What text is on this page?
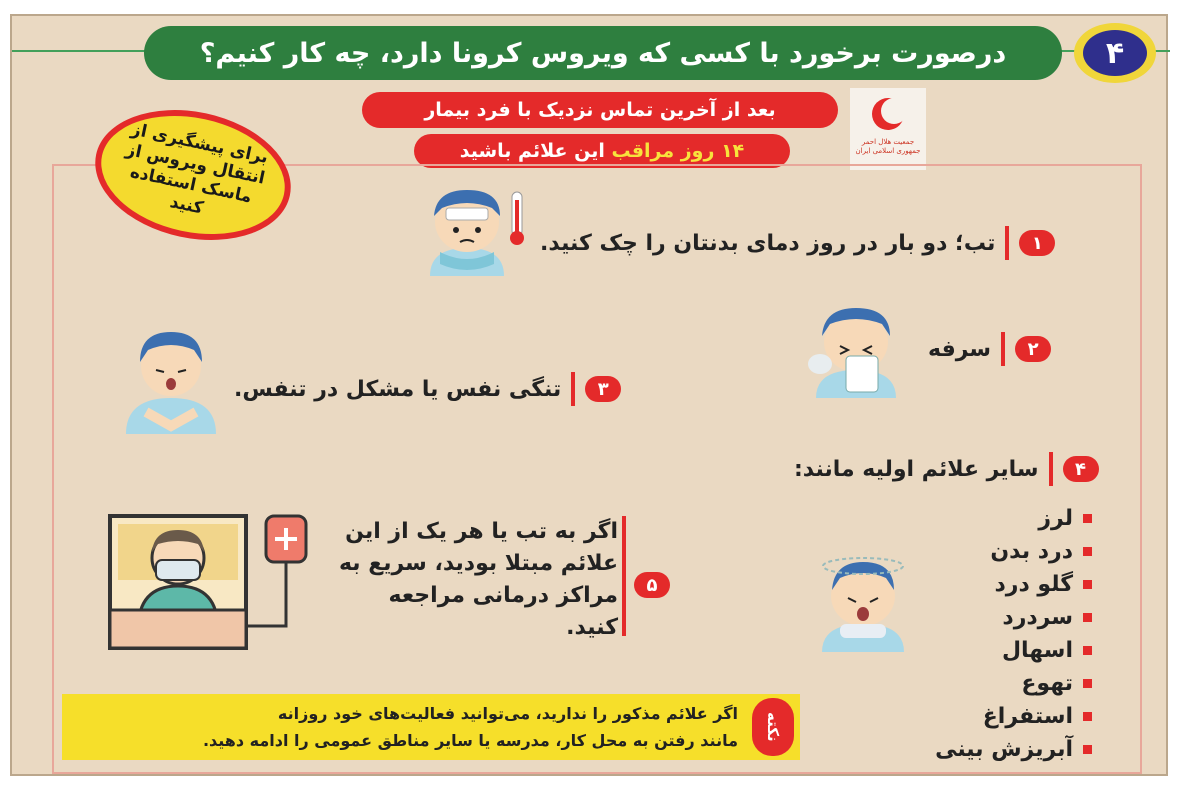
درصورت برخورد با کسی که ویروس کرونا دارد، چه کار کنیم؟	۴
بعد از آخرین تماس نزدیک با فرد بیمار
۱۴ روز مراقب

این علائم باشید	جمعیت هلال احمر جمهوری اسلامی ایران
برای پیشگیری از انتقال ویروس از ماسک استفاده کنید
۱
تب؛ دو بار در روز دمای بدنتان را چک کنید.
۲
سرفه
۳
تنگی نفس یا مشکل در تنفس.
۴
سایر علائم اولیه مانند:
لرز
درد بدن
گلو درد
سردرد
اسهال
تهوع
استفراغ
آبریزش بینی
۵
اگر به تب یا هر یک از این علائم مبتلا بودید، سریع به مراکز درمانی مراجعه کنید.
نکته
اگر علائم مذکور را ندارید، می‌توانید فعالیت‌های خود روزانه
مانند رفتن به محل کار، مدرسه یا سایر مناطق عمومی را ادامه دهید.
